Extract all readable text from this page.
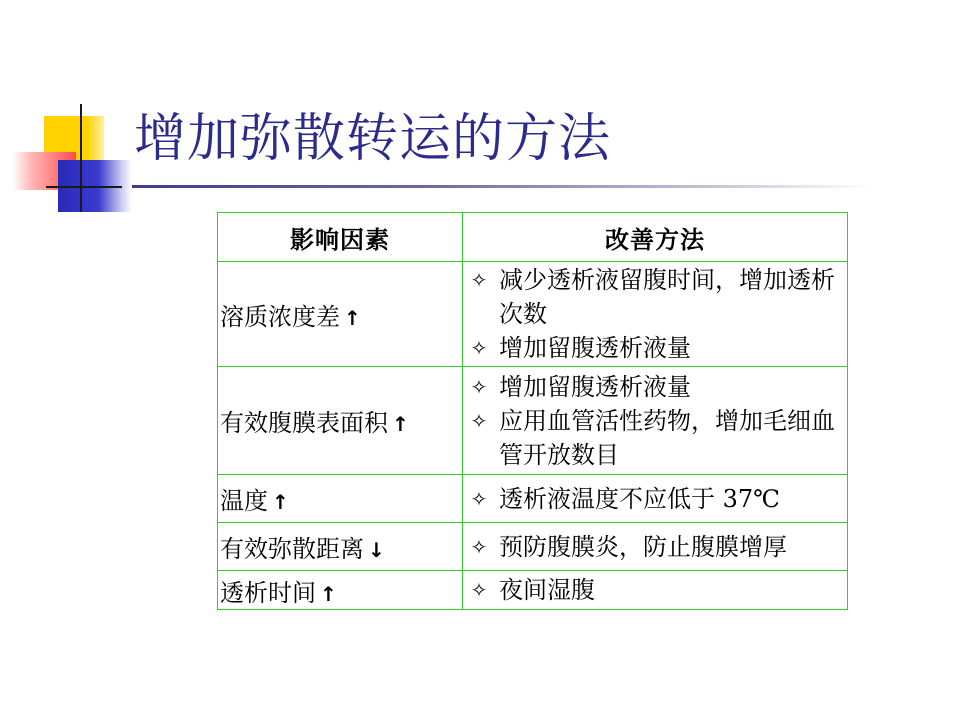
增加弥散转运的方法
影响因素	改善方法
溶质浓度差 ↑	✧ 减少透析液留腹时间，增加透析次数
✧ 增加留腹透析液量

有效腹膜表面积 ↑	✧ 增加留腹透析液量
✧ 应用血管活性药物，增加毛细血管开放数目

温度 ↑	✧ 透析液温度不应低于 37℃

有效弥散距离 ↓	✧ 预防腹膜炎，防止腹膜增厚

透析时间 ↑	✧ 夜间湿腹
